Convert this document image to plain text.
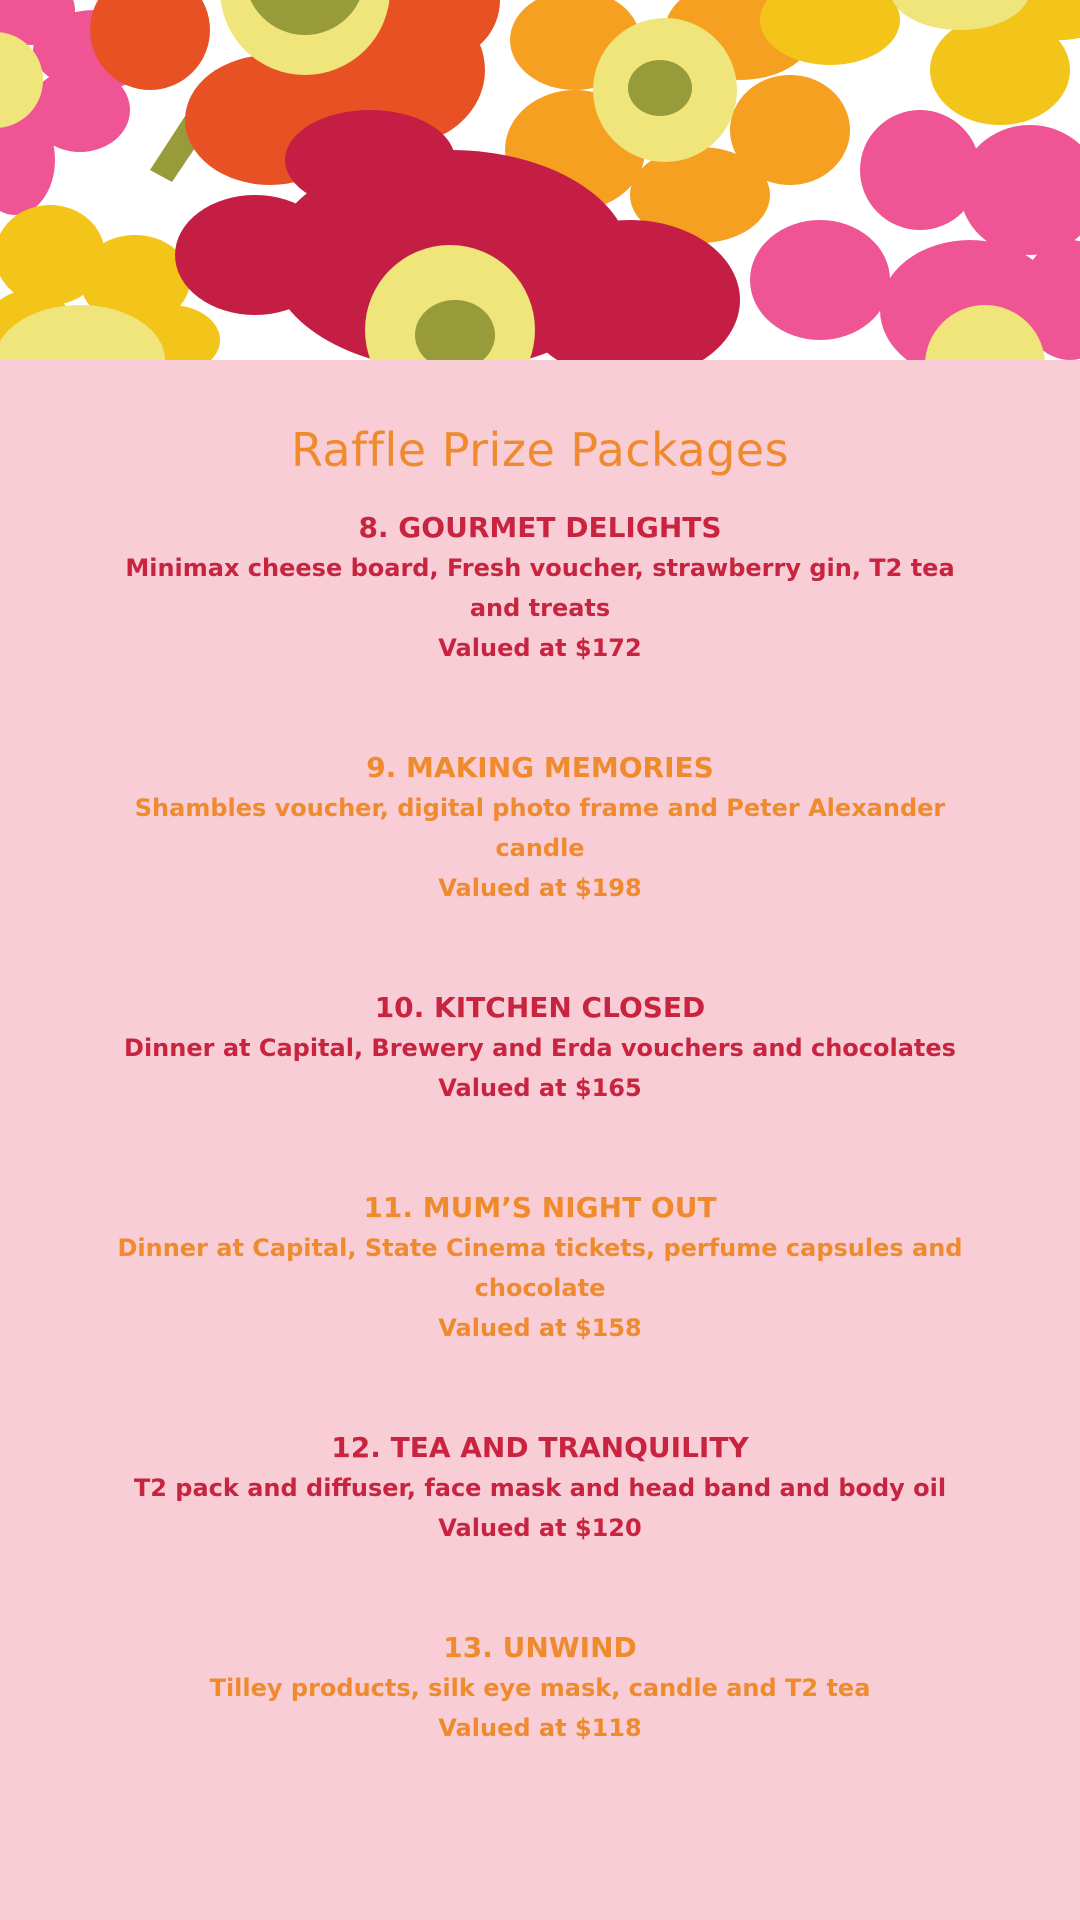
Raffle Prize Packages

8. GOURMET DELIGHTS

Minimax cheese board, Fresh voucher, strawberry gin, T2 tea

and treats

Valued at $172

9. MAKING MEMORIES

Shambles voucher, digital photo frame and Peter Alexander

candle

Valued at $198

10. KITCHEN CLOSED

Dinner at Capital, Brewery and Erda vouchers and chocolates

Valued at $165

11. MUM’S NIGHT OUT

Dinner at Capital, State Cinema tickets, perfume capsules and

chocolate

Valued at $158

12. TEA AND TRANQUILITY

T2 pack and diffuser, face mask and head band and body oil

Valued at $120

13. UNWIND

Tilley products, silk eye mask, candle and T2 tea

Valued at $118
